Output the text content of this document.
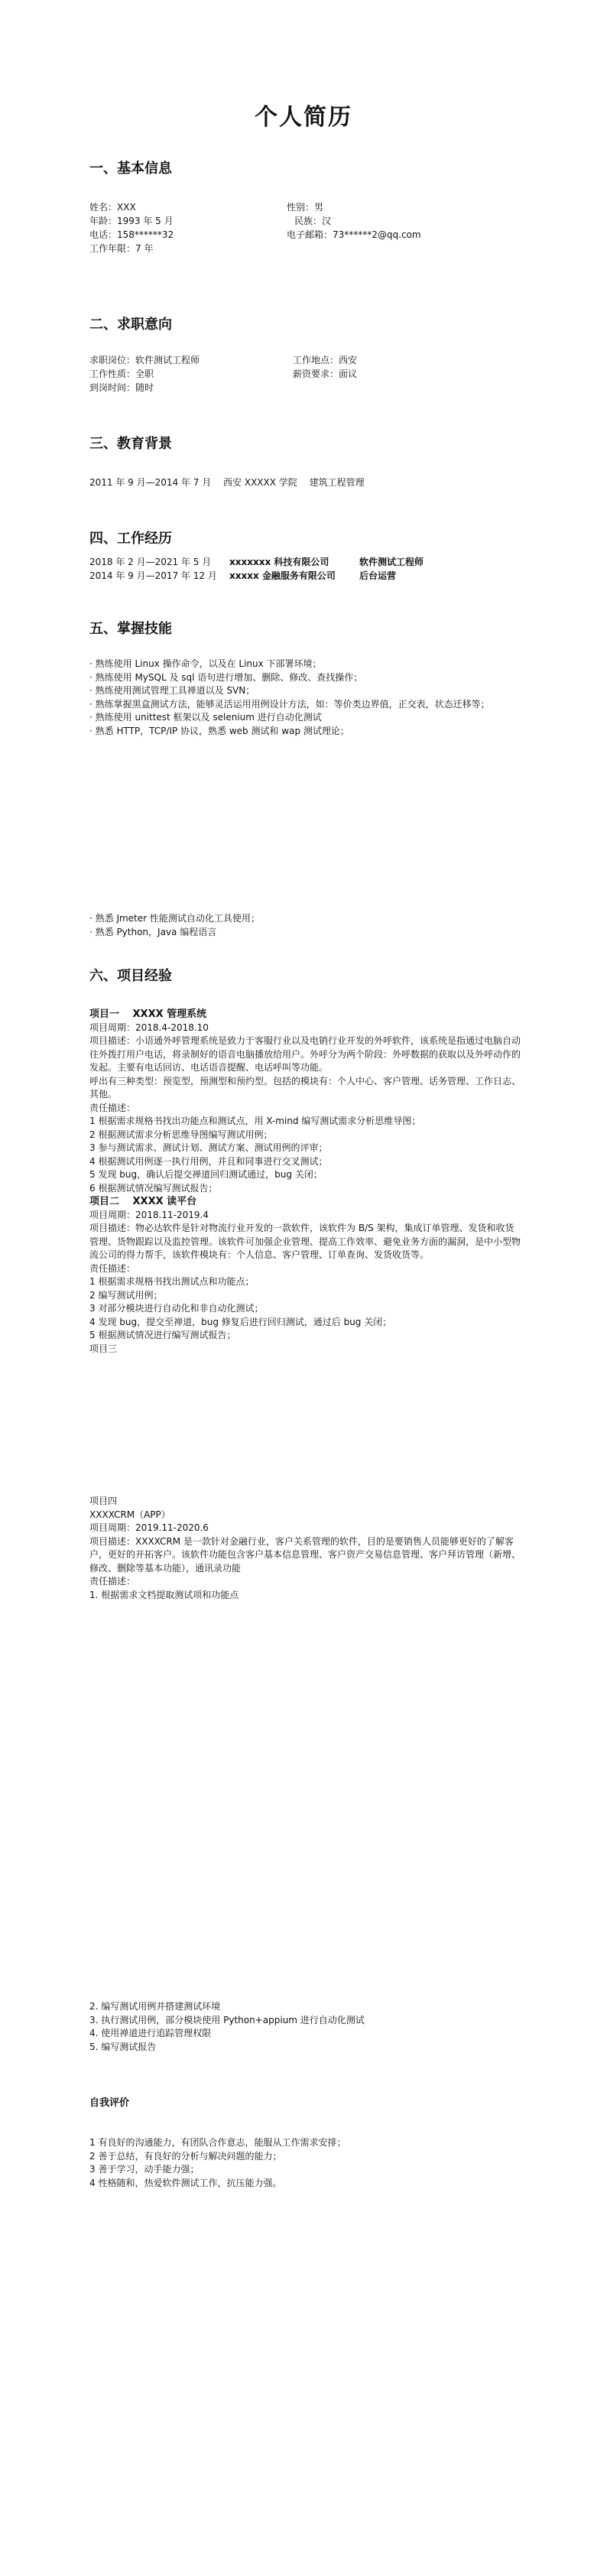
个人简历
一、基本信息
姓名：XXX	性别：男
年龄：1993 年 5 月	民族：汉
电话：158******32	电子邮箱：73******2@qq.com
工作年限：7 年
二、求职意向
求职岗位：软件测试工程师	工作地点：西安
工作性质：全职	薪资要求：面议
到岗时间：随时
三、教育背景
2011 年 9 月—2014 年 7 月　 西安 XXXXX 学院　 建筑工程管理
四、工作经历
2018 年 2 月—2021 年 5 月 xxxxxxx 科技有限公司	软件测试工程师
2014 年 9 月—2017 年 12 月 xxxxx 金融服务有限公司	后台运营
五、掌握技能
· 熟练使用 Linux 操作命令，以及在 Linux 下部署环境；
· 熟练使用 MySQL 及 sql 语句进行增加、删除、修改、查找操作；
· 熟练使用测试管理工具禅道以及 SVN；
· 熟练掌握黑盒测试方法，能够灵活运用用例设计方法，如：等价类边界值，正交表，状态迁移等；
· 熟练使用 unittest 框架以及 selenium 进行自动化测试
· 熟悉 HTTP，TCP/IP 协议，熟悉 web 测试和 wap 测试理论；
· 熟悉 Jmeter 性能测试自动化工具使用；
· 熟悉 Python，Java 编程语言
六、项目经验
项目一　 XXXX 管理系统
项目周期：2018.4-2018.10
项目描述：小语通外呼管理系统是致力于客服行业以及电销行业开发的外呼软件，该系统是指通过电脑自动往外拨打用户电话，将录制好的语音电脑播放给用户。外呼分为两个阶段：外呼数据的获取以及外呼动作的发起。主要有电话回访、电话语音提醒、电话呼叫等功能。
呼出有三种类型：预览型，预测型和预约型。包括的模块有：个人中心、客户管理、话务管理、工作日志、其他。
责任描述：
1 根据需求规格书找出功能点和测试点，用 X-mind 编写测试需求分析思维导图；
2 根据测试需求分析思维导图编写测试用例；
3 参与测试需求、测试计划、测试方案、测试用例的评审；
4 根据测试用例逐一执行用例，并且和同事进行交叉测试；
5 发现 bug，确认后提交禅道回归测试通过，bug 关闭；
6 根据测试情况编写测试报告；
项目二　 XXXX 读平台
项目周期：2018.11-2019.4
项目描述：物必达软件是针对物流行业开发的一款软件，该软件为 B/S 架构，集成订单管理、发货和收货管理、货物跟踪以及监控管理。该软件可加强企业管理、提高工作效率、避免业务方面的漏洞，是中小型物流公司的得力帮手，该软件模块有：个人信息、客户管理、订单查询、发货收货等。
责任描述：
1 根据需求规格书找出测试点和功能点；
2 编写测试用例；
3 对部分模块进行自动化和非自动化测试；
4 发现 bug，提交至禅道，bug 修复后进行回归测试，通过后 bug 关闭；
5 根据测试情况进行编写测试报告；
项目三
项目四
XXXXCRM（APP）
项目周期：2019.11-2020.6
项目描述：XXXXCRM 是一款针对金融行业，客户关系管理的软件，目的是要销售人员能够更好的了解客户，更好的开拓客户。该软件功能包含客户基本信息管理、客户资产交易信息管理、客户拜访管理（新增、修改、删除等基本功能），通讯录功能
责任描述：
1. 根据需求文档提取测试项和功能点
2. 编写测试用例并搭建测试环境
3. 执行测试用例，部分模块使用 Python+appium 进行自动化测试
4. 使用禅道进行追踪管理权限
5. 编写测试报告
自我评价
1 有良好的沟通能力，有团队合作意志，能服从工作需求安排；
2 善于总结，有良好的分析与解决问题的能力；
3 善于学习，动手能力强；
4 性格随和，热爱软件测试工作，抗压能力强。
